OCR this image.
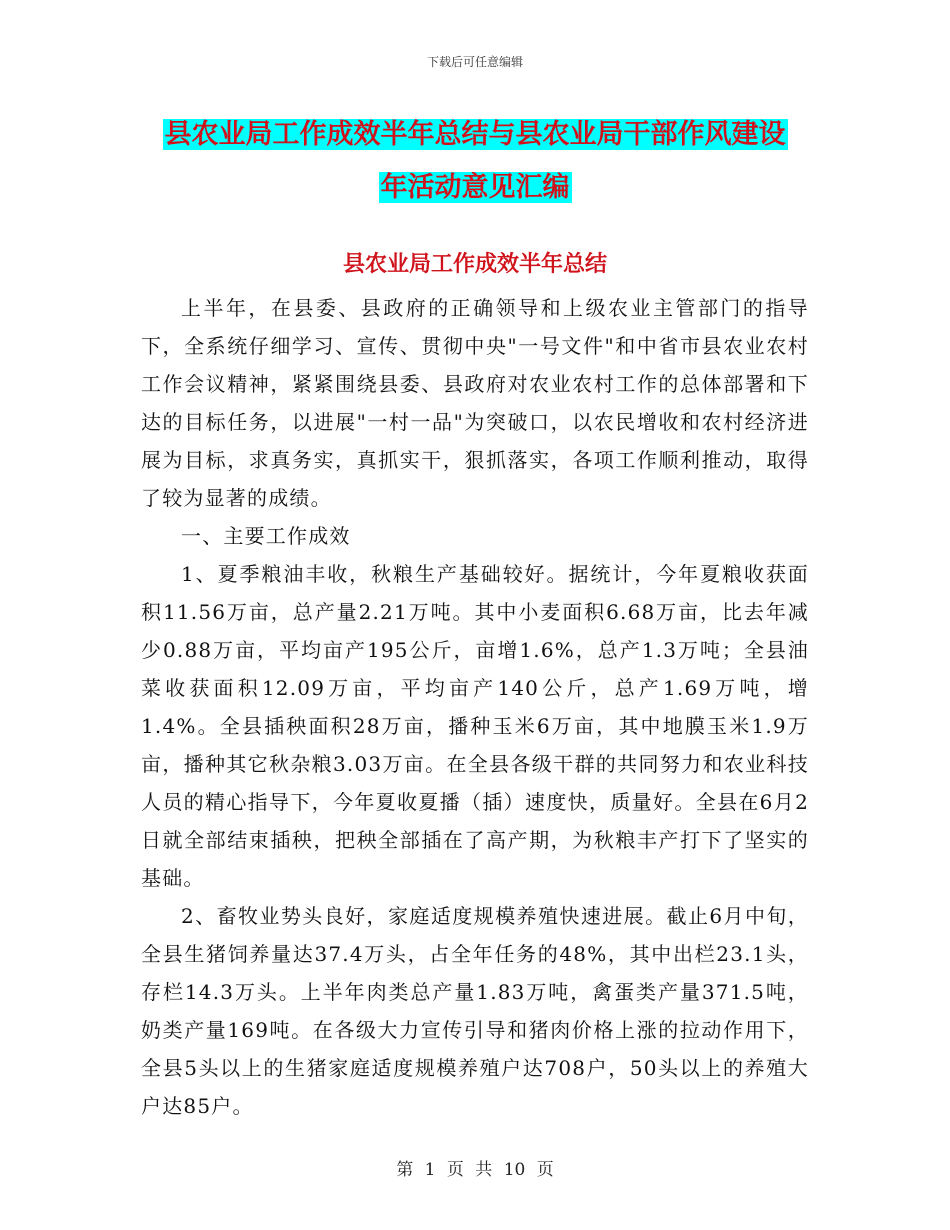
下载后可任意编辑
县农业局工作成效半年总结与县农业局干部作风建设
年活动意见汇编
县农业局工作成效半年总结

上半年，在县委、县政府的正确领导和上级农业主管部门的指导下，全系统仔细学习、宣传、贯彻中央"一号文件"和中省市县农业农村工作会议精神，紧紧围绕县委、县政府对农业农村工作的总体部署和下达的目标任务，以进展"一村一品"为突破口，以农民增收和农村经济进展为目标，求真务实，真抓实干，狠抓落实，各项工作顺利推动，取得了较为显著的成绩。

一、主要工作成效

1、夏季粮油丰收，秋粮生产基础较好。据统计，今年夏粮收获面积11.56万亩，总产量2.21万吨。其中小麦面积6.68万亩，比去年减少0.88万亩，平均亩产195公斤，亩增1.6%，总产1.3万吨；全县油菜收获面积12.09万亩，平均亩产140公斤，总产1.69万吨，增1.4%。全县插秧面积28万亩，播种玉米6万亩，其中地膜玉米1.9万亩，播种其它秋杂粮3.03万亩。在全县各级干群的共同努力和农业科技人员的精心指导下，今年夏收夏播（插）速度快，质量好。全县在6月2日就全部结束插秧，把秧全部插在了高产期，为秋粮丰产打下了坚实的基础。

2、畜牧业势头良好，家庭适度规模养殖快速进展。截止6月中旬，全县生猪饲养量达37.4万头，占全年任务的48%，其中出栏23.1头，存栏14.3万头。上半年肉类总产量1.83万吨，禽蛋类产量371.5吨，奶类产量169吨。在各级大力宣传引导和猪肉价格上涨的拉动作用下，全县5头以上的生猪家庭适度规模养殖户达708户，50头以上的养殖大户达85户。

第 1 页 共 10 页
